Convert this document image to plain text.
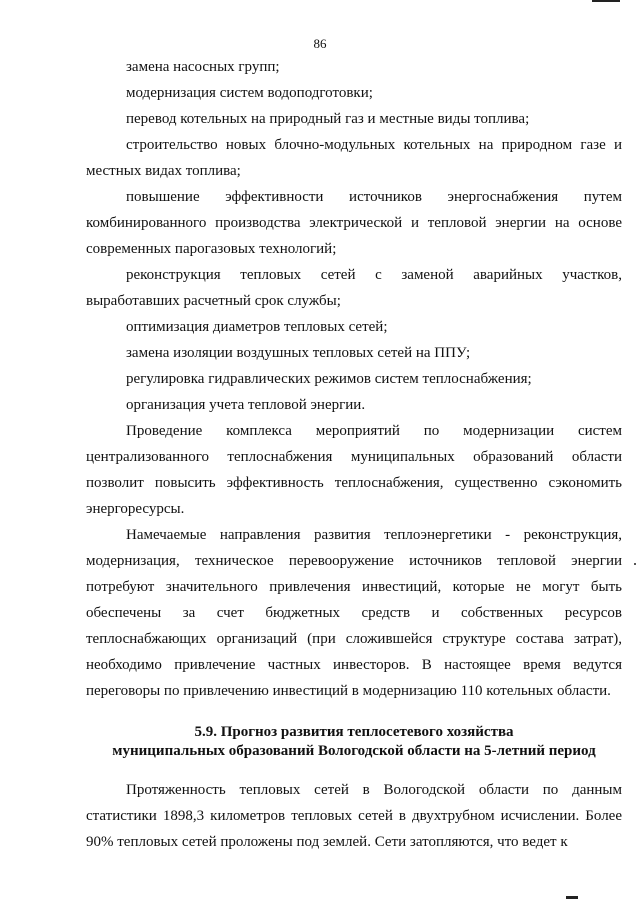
86

замена насосных групп;

модернизация систем водоподготовки;

перевод котельных на природный газ и местные виды топлива;

строительство новых блочно-модульных котельных на природном газе и местных видах топлива;

повышение эффективности источников энергоснабжения путем комбинированного производства электрической и тепловой энергии на основе современных парогазовых технологий;

реконструкция тепловых сетей с заменой аварийных участков, выработавших расчетный срок службы;

оптимизация диаметров тепловых сетей;

замена изоляции воздушных тепловых сетей на ППУ;

регулировка гидравлических режимов систем теплоснабжения;

организация учета тепловой энергии.

Проведение комплекса мероприятий по модернизации систем централизованного теплоснабжения муниципальных образований области позволит повысить эффективность теплоснабжения, существенно сэкономить энергоресурсы.

Намечаемые направления развития теплоэнергетики - реконструкция, модернизация, техническое перевооружение источников тепловой энергии потребуют значительного привлечения инвестиций, которые не могут быть обеспечены за счет бюджетных средств и собственных ресурсов теплоснабжающих организаций (при сложившейся структуре состава затрат), необходимо привлечение частных инвесторов. В настоящее время ведутся переговоры по привлечению инвестиций в модернизацию 110 котельных области.

5.9. Прогноз развития теплосетевого хозяйства
муниципальных образований Вологодской области на 5-летний период

Протяженность тепловых сетей в Вологодской области по данным статистики 1898,3 километров тепловых сетей в двухтрубном исчислении. Более 90% тепловых сетей проложены под землей. Сети затопляются, что ведет к
